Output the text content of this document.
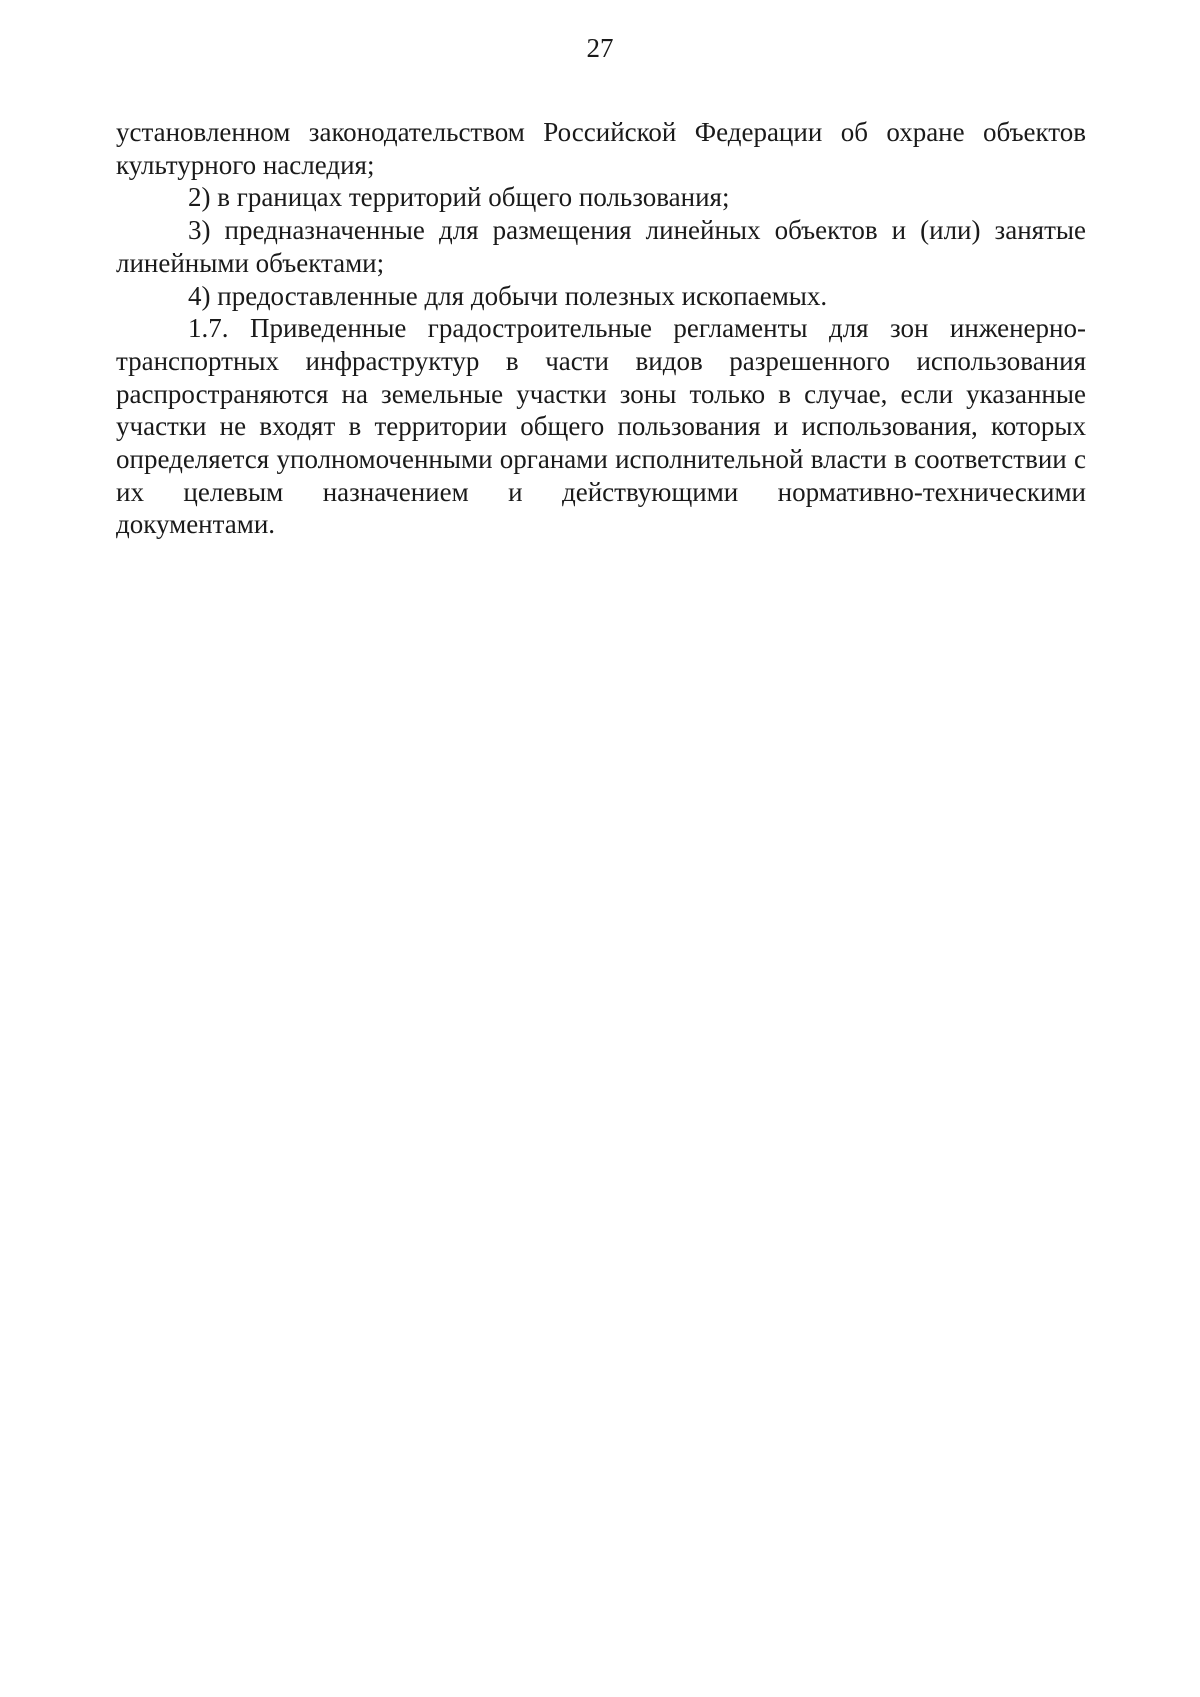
27

установленном законодательством Российской Федерации об охране объектов культурного наследия;

2) в границах территорий общего пользования;

3) предназначенные для размещения линейных объектов и (или) занятые линейными объектами;

4) предоставленные для добычи полезных ископаемых.

1.7. Приведенные градостроительные регламенты для зон инженерно-транспортных инфраструктур в части видов разрешенного использования распространяются на земельные участки зоны только в случае, если указанные участки не входят в территории общего пользования и использования, которых определяется уполномоченными органами исполнительной власти в соответствии с их целевым назначением и действующими нормативно-техническими документами.
